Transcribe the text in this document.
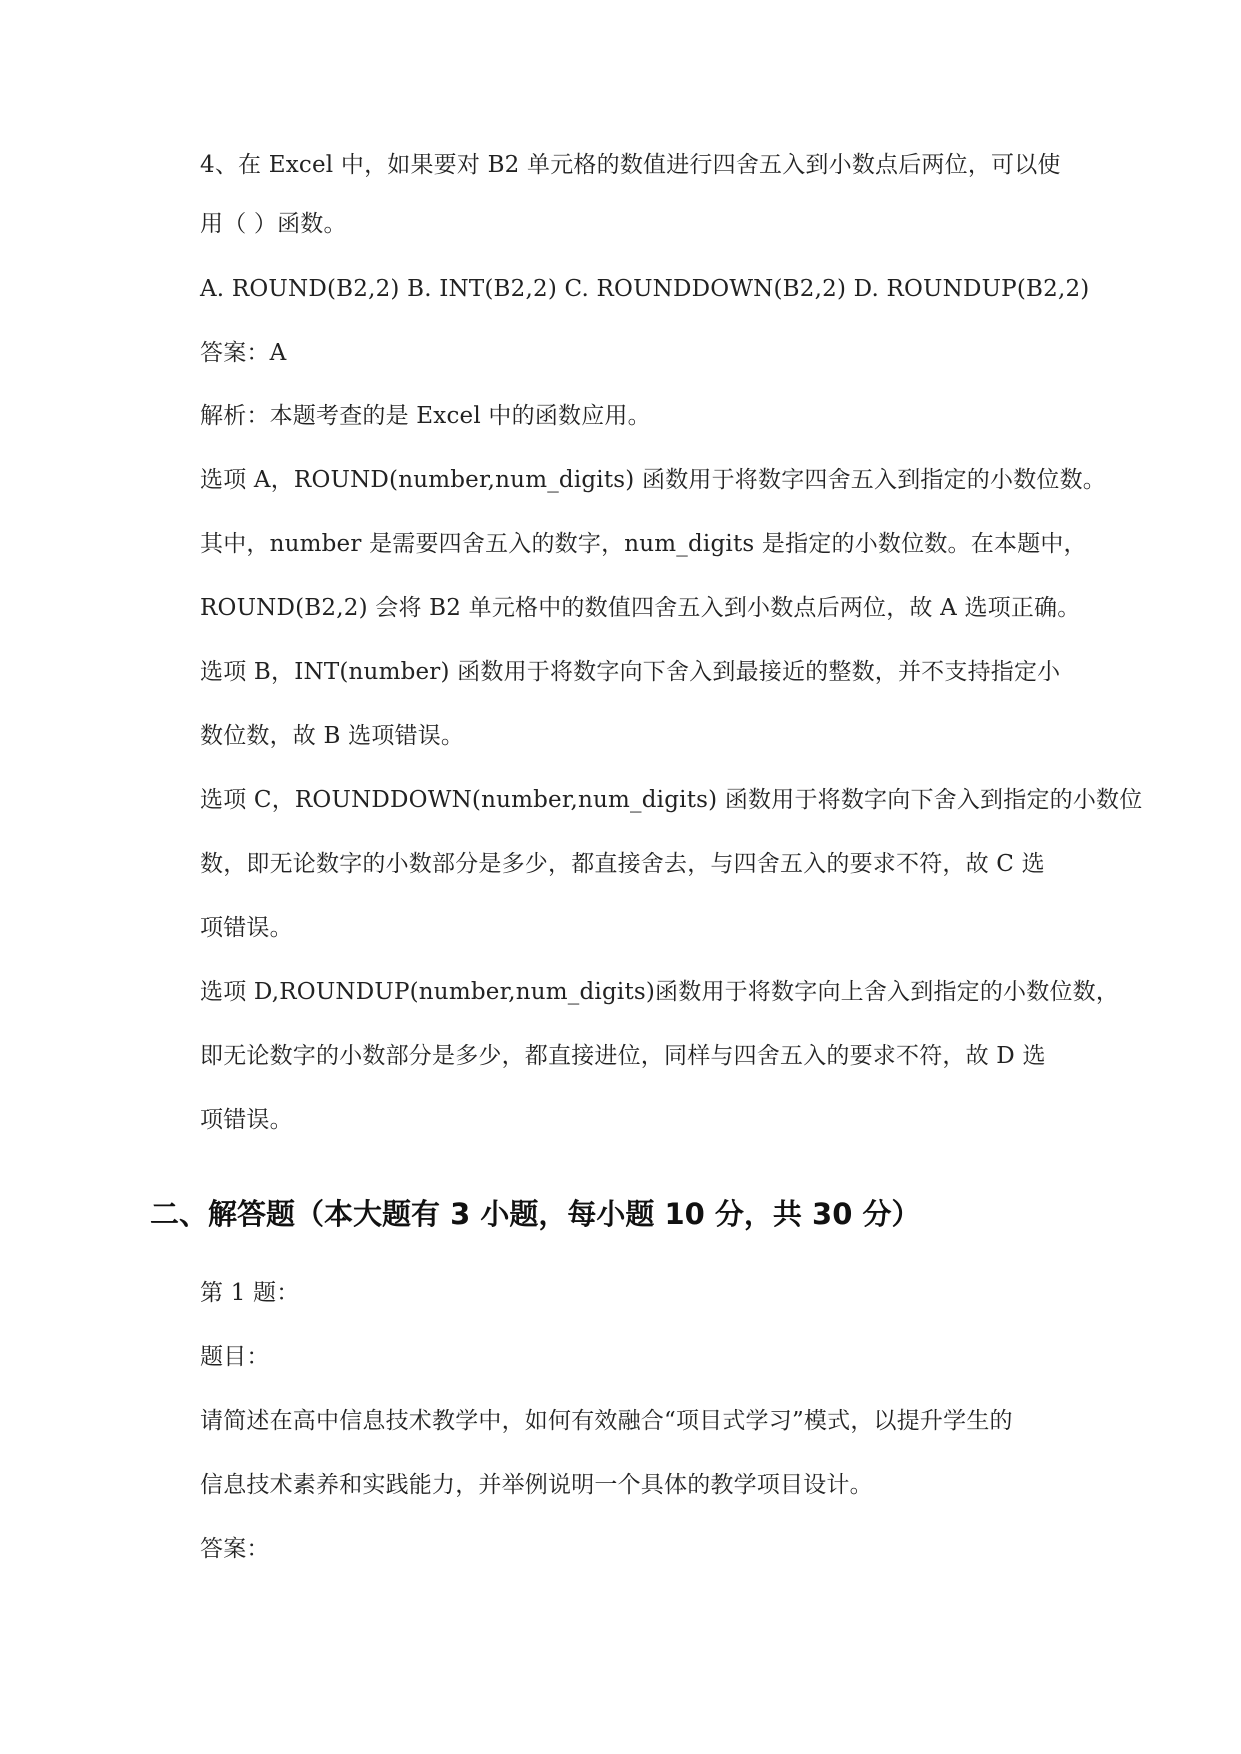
4、在 Excel 中，如果要对 B2 单元格的数值进行四舍五入到小数点后两位，可以使
用（ ）函数。
A. ROUND(B2,2) B. INT(B2,2) C. ROUNDDOWN(B2,2) D. ROUNDUP(B2,2)
答案：A
解析：本题考查的是 Excel 中的函数应用。
选项 A，ROUND(number,num_digits) 函数用于将数字四舍五入到指定的小数位数。
其中，number 是需要四舍五入的数字，num_digits 是指定的小数位数。在本题中，
ROUND(B2,2) 会将 B2 单元格中的数值四舍五入到小数点后两位，故 A 选项正确。
选项 B，INT(number) 函数用于将数字向下舍入到最接近的整数，并不支持指定小
数位数，故 B 选项错误。
选项 C，ROUNDDOWN(number,num_digits) 函数用于将数字向下舍入到指定的小数位
数，即无论数字的小数部分是多少，都直接舍去，与四舍五入的要求不符，故 C 选
项错误。
选项 D,ROUNDUP(number,num_digits)函数用于将数字向上舍入到指定的小数位数，
即无论数字的小数部分是多少，都直接进位，同样与四舍五入的要求不符，故 D 选
项错误。
二、解答题（本大题有 3 小题，每小题 10 分，共 30 分）
第 1 题：
题目：
请简述在高中信息技术教学中，如何有效融合“项目式学习”模式，以提升学生的
信息技术素养和实践能力，并举例说明一个具体的教学项目设计。
答案：
